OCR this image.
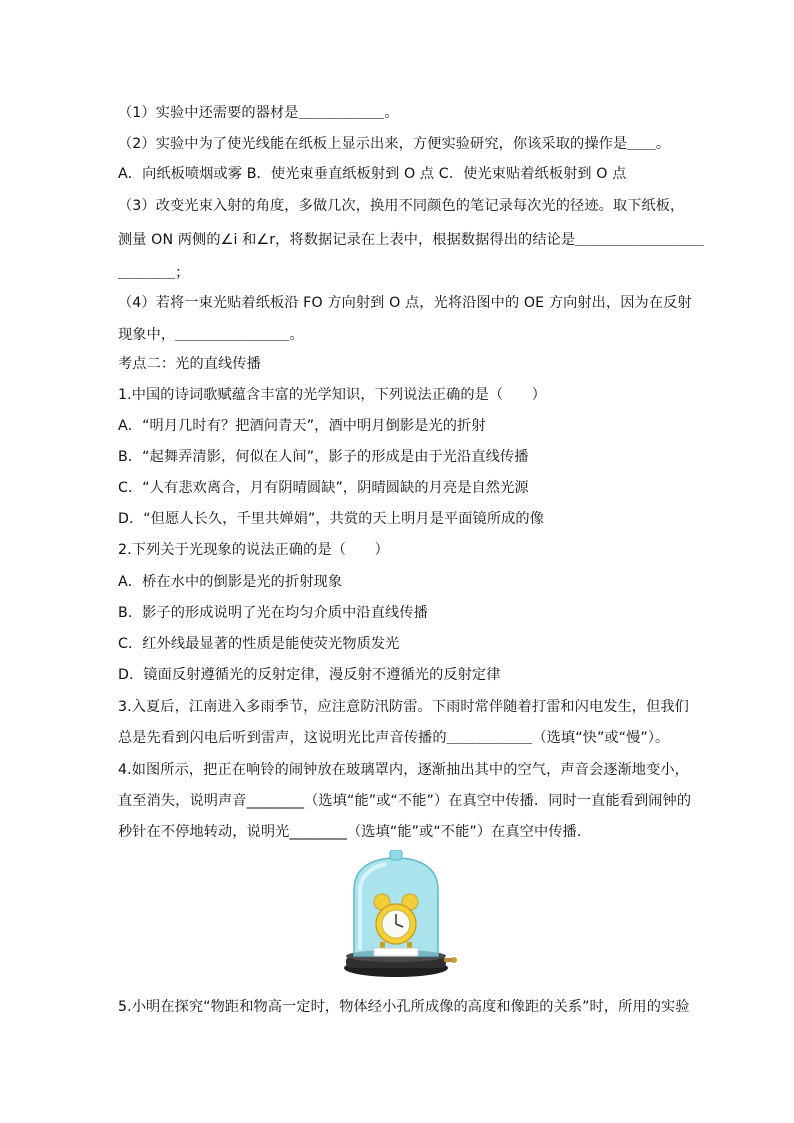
（1）实验中还需要的器材是＿＿＿＿＿＿。
（2）实验中为了使光线能在纸板上显示出来，方便实验研究，你该采取的操作是＿＿。
A．向纸板喷烟或雾 B．使光束垂直纸板射到 O 点 C．使光束贴着纸板射到 O 点
（3）改变光束入射的角度，多做几次，换用不同颜色的笔记录每次光的径迹。取下纸板，
测量 ON 两侧的∠i 和∠r，将数据记录在上表中，根据数据得出的结论是＿＿＿＿＿＿＿＿＿
＿＿＿＿；
（4）若将一束光贴着纸板沿 FO 方向射到 O 点，光将沿图中的 OE 方向射出，因为在反射
现象中，＿＿＿＿＿＿＿＿。
考点二：光的直线传播
1.中国的诗词歌赋蕴含丰富的光学知识，下列说法正确的是（　　）
A．“明月几时有？把酒问青天”，酒中明月倒影是光的折射
B．“起舞弄清影，何似在人间”，影子的形成是由于光沿直线传播
C．“人有悲欢离合，月有阴晴圆缺”，阴晴圆缺的月亮是自然光源
D．“但愿人长久，千里共婵娟”，共赏的天上明月是平面镜所成的像
2.下列关于光现象的说法正确的是（　　）
A．桥在水中的倒影是光的折射现象
B．影子的形成说明了光在均匀介质中沿直线传播
C．红外线最显著的性质是能使荧光物质发光
D．镜面反射遵循光的反射定律，漫反射不遵循光的反射定律
3.入夏后，江南进入多雨季节，应注意防汛防雷。下雨时常伴随着打雷和闪电发生，但我们
总是先看到闪电后听到雷声，这说明光比声音传播的＿＿＿＿＿＿（选填“快”或“慢”）。
4.如图所示，把正在响铃的闹钟放在玻璃罩内，逐渐抽出其中的空气，声音会逐渐地变小，
直至消失，说明声音________（选填“能”或“不能”）在真空中传播．同时一直能看到闹钟的
秒针在不停地转动，说明光________（选填“能”或“不能”）在真空中传播．
5.小明在探究“物距和物高一定时，物体经小孔所成像的高度和像距的关系”时，所用的实验
